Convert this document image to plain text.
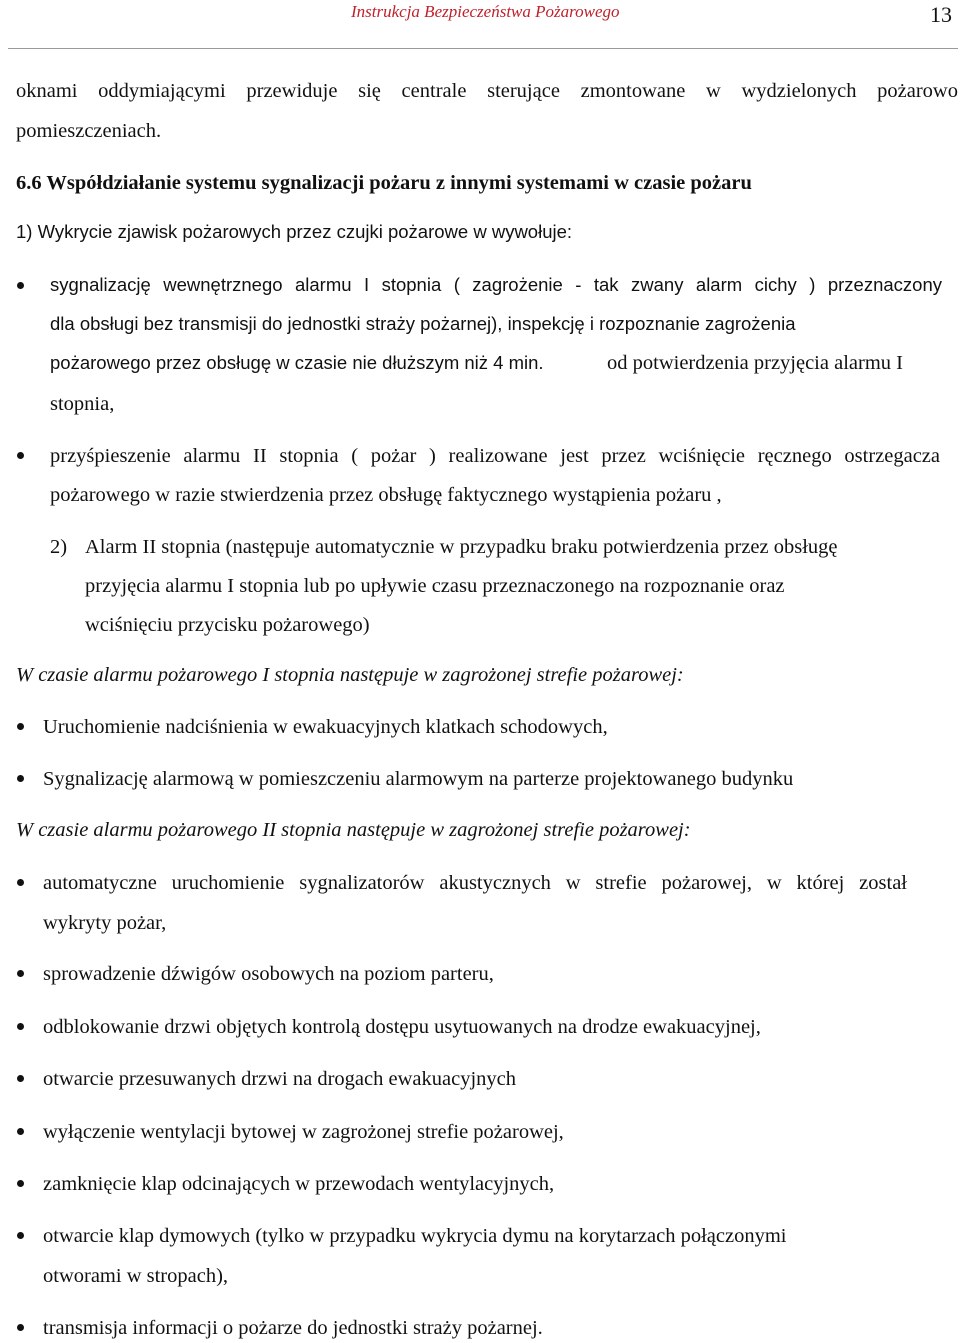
Instrukcja Bezpieczeństwa Pożarowego	13
oknami oddymiającymi przewiduje się centrale sterujące zmontowane w wydzielonych pożarowo
pomieszczeniach.
6.6 Współdziałanie systemu sygnalizacji pożaru z innymi systemami w czasie pożaru
1) Wykrycie zjawisk pożarowych przez czujki pożarowe w wywołuje:
sygnalizację wewnętrznego alarmu I stopnia ( zagrożenie - tak zwany alarm cichy ) przeznaczony
dla obsługi bez transmisji do jednostki straży pożarnej), inspekcję i rozpoznanie zagrożenia
pożarowego przez obsługę w czasie nie dłuższym niż 4 min.	od potwierdzenia przyjęcia alarmu I
stopnia,
przyśpieszenie alarmu II stopnia ( pożar ) realizowane jest przez wciśnięcie ręcznego ostrzegacza
pożarowego w razie stwierdzenia przez obsługę faktycznego wystąpienia pożaru ,
2) Alarm II stopnia (następuje automatycznie w przypadku braku potwierdzenia przez obsługę
przyjęcia alarmu I stopnia lub po upływie czasu przeznaczonego na rozpoznanie oraz
wciśnięciu przycisku pożarowego)
W czasie alarmu pożarowego I stopnia następuje w zagrożonej strefie pożarowej:
Uruchomienie nadciśnienia w ewakuacyjnych klatkach schodowych,
Sygnalizację alarmową w pomieszczeniu alarmowym na parterze projektowanego budynku
W czasie alarmu pożarowego II stopnia następuje w zagrożonej strefie pożarowej:
automatyczne uruchomienie sygnalizatorów akustycznych w strefie pożarowej, w której został
wykryty pożar,
sprowadzenie dźwigów osobowych na poziom parteru,
odblokowanie drzwi objętych kontrolą dostępu usytuowanych na drodze ewakuacyjnej,
otwarcie przesuwanych drzwi na drogach ewakuacyjnych
wyłączenie wentylacji bytowej w zagrożonej strefie pożarowej,
zamknięcie klap odcinających w przewodach wentylacyjnych,
otwarcie klap dymowych (tylko w przypadku wykrycia dymu na korytarzach połączonymi
otworami w stropach),
transmisja informacji o pożarze do jednostki straży pożarnej.
